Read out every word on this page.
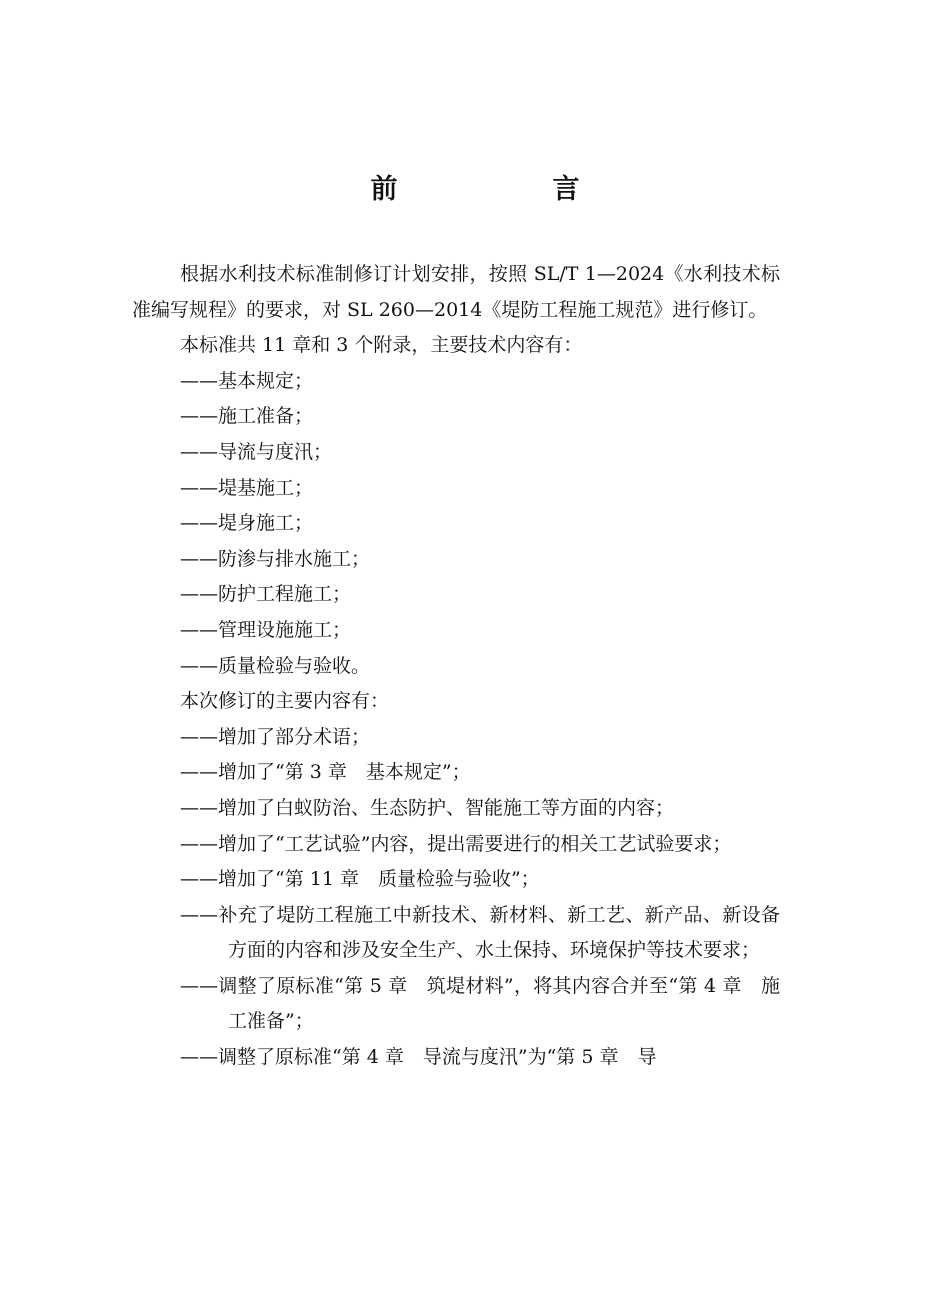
前　言

根据水利技术标准制修订计划安排，按照 SL/T 1—2024《水利技术标准编写规程》的要求，对 SL 260—2014《堤防工程施工规范》进行修订。

本标准共 11 章和 3 个附录，主要技术内容有：

——基本规定；

——施工准备；

——导流与度汛；

——堤基施工；

——堤身施工；

——防渗与排水施工；

——防护工程施工；

——管理设施施工；

——质量检验与验收。

本次修订的主要内容有：

——增加了部分术语；

——增加了“第 3 章　基本规定”；

——增加了白蚁防治、生态防护、智能施工等方面的内容；

——增加了“工艺试验”内容，提出需要进行的相关工艺试验要求；

——增加了“第 11 章　质量检验与验收”；

——补充了堤防工程施工中新技术、新材料、新工艺、新产品、新设备方面的内容和涉及安全生产、水土保持、环境保护等技术要求；

——调整了原标准“第 5 章　筑堤材料”，将其内容合并至“第 4 章　施工准备”；

——调整了原标准“第 4 章　导流与度汛”为“第 5 章　导
